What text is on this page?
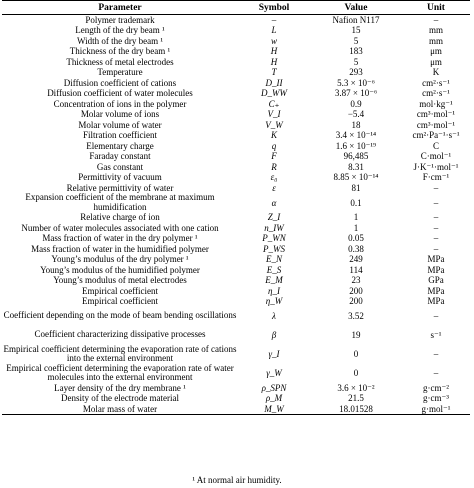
Parameter	Symbol	Value	Unit
Polymer trademark	–	Nafion N117	–
Length of the dry beam ¹	L	15	mm
Width of the dry beam ¹	w	5	mm
Thickness of the dry beam ¹	H	183	μm
Thickness of metal electrodes	H	5	μm
Temperature	T	293	K
Diffusion coefficient of cations	D_II	5.3 × 10⁻⁶	cm²·s⁻¹
Diffusion coefficient of water molecules	D_WW	3.87 × 10⁻⁶	cm²·s⁻¹
Concentration of ions in the polymer	C₊	0.9	mol·kg⁻¹
Molar volume of ions	V_I	−5.4	cm³·mol⁻¹
Molar volume of water	V_W	18	cm³·mol⁻¹
Filtration coefficient	K	3.4 × 10⁻¹⁴	cm²·Pa⁻¹·s⁻¹
Elementary charge	q	1.6 × 10⁻¹⁹	C
Faraday constant	F	96,485	C·mol⁻¹
Gas constant	R	8.31	J·K⁻¹·mol⁻¹
Permittivity of vacuum	ε₀	8.85 × 10⁻¹⁴	F·cm⁻¹
Relative permittivity of water	ε	81	–
Expansion coefficient of the membrane at maximum humidification	α	0.1	–
Relative charge of ion	Z_I	1	–
Number of water molecules associated with one cation	n_IW	1	–
Mass fraction of water in the dry polymer ¹	P_WN	0.05	–
Mass fraction of water in the humidified polymer	P_WS	0.38	–
Young’s modulus of the dry polymer ¹	E_N	249	MPa
Young’s modulus of the humidified polymer	E_S	114	MPa
Young’s modulus of metal electrodes	E_M	23	GPa
Empirical coefficient	η_I	200	MPa
Empirical coefficient	η_W	200	MPa
Coefficient depending on the mode of beam bending oscillations	λ	3.52	–
Coefficient characterizing dissipative processes	β	19	s⁻¹
Empirical coefficient determining the evaporation rate of cations into the external environment	γ_I	0	–
Empirical coefficient determining the evaporation rate of water molecules into the external environment	γ_W	0	–
Layer density of the dry membrane ¹	ρ_SPN	3.6 × 10⁻²	g·cm⁻²
Density of the electrode material	ρ_M	21.5	g·cm⁻³
Molar mass of water	M_W	18.01528	g·mol⁻¹
¹ At normal air humidity.
